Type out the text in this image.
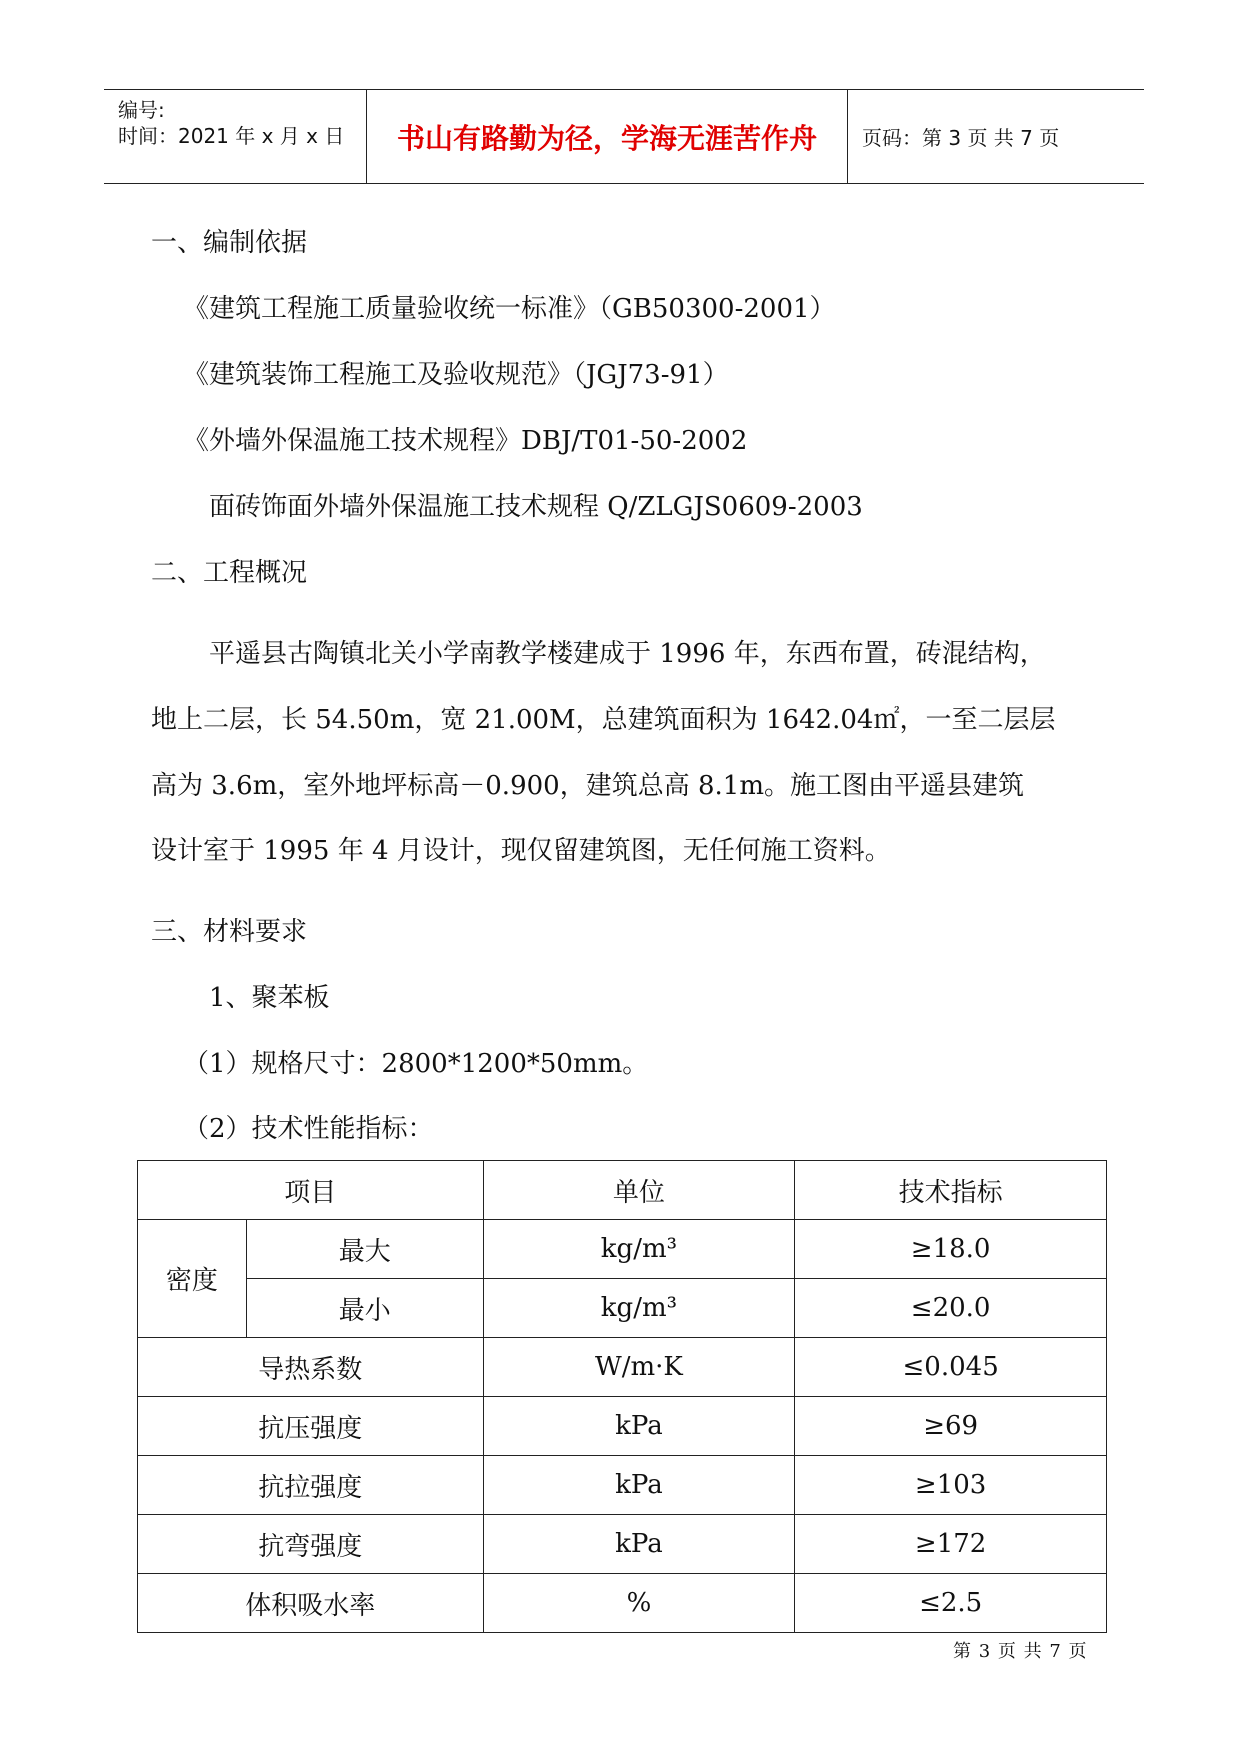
编号:
时间：2021 年 x 月 x 日	书山有路勤为径，学海无涯苦作舟	页码：第 3 页 共 7 页
一、编制依据
《建筑工程施工质量验收统一标准》（GB50300-2001）
《建筑装饰工程施工及验收规范》（JGJ73-91）
《外墙外保温施工技术规程》DBJ/T01-50-2002
面砖饰面外墙外保温施工技术规程 Q/ZLGJS0609-2003
二、工程概况
平遥县古陶镇北关小学南教学楼建成于 1996 年，东西布置，砖混结构，
地上二层，长 54.50m，宽 21.00M，总建筑面积为 1642.04㎡，一至二层层
高为 3.6m，室外地坪标高－0.900，建筑总高 8.1m。施工图由平遥县建筑
设计室于 1995 年 4 月设计，现仅留建筑图，无任何施工资料。
三、材料要求
1、聚苯板
（1）规格尺寸：2800*1200*50mm。
（2）技术性能指标：
项目		单位	技术指标
密度	最大	kg/m³	≥18.0
	最小	kg/m³	≤20.0
导热系数		W/m·K	≤0.045
抗压强度		kPa	≥69
抗拉强度		kPa	≥103
抗弯强度		kPa	≥172
体积吸水率		%	≤2.5
第 3 页 共 7 页
